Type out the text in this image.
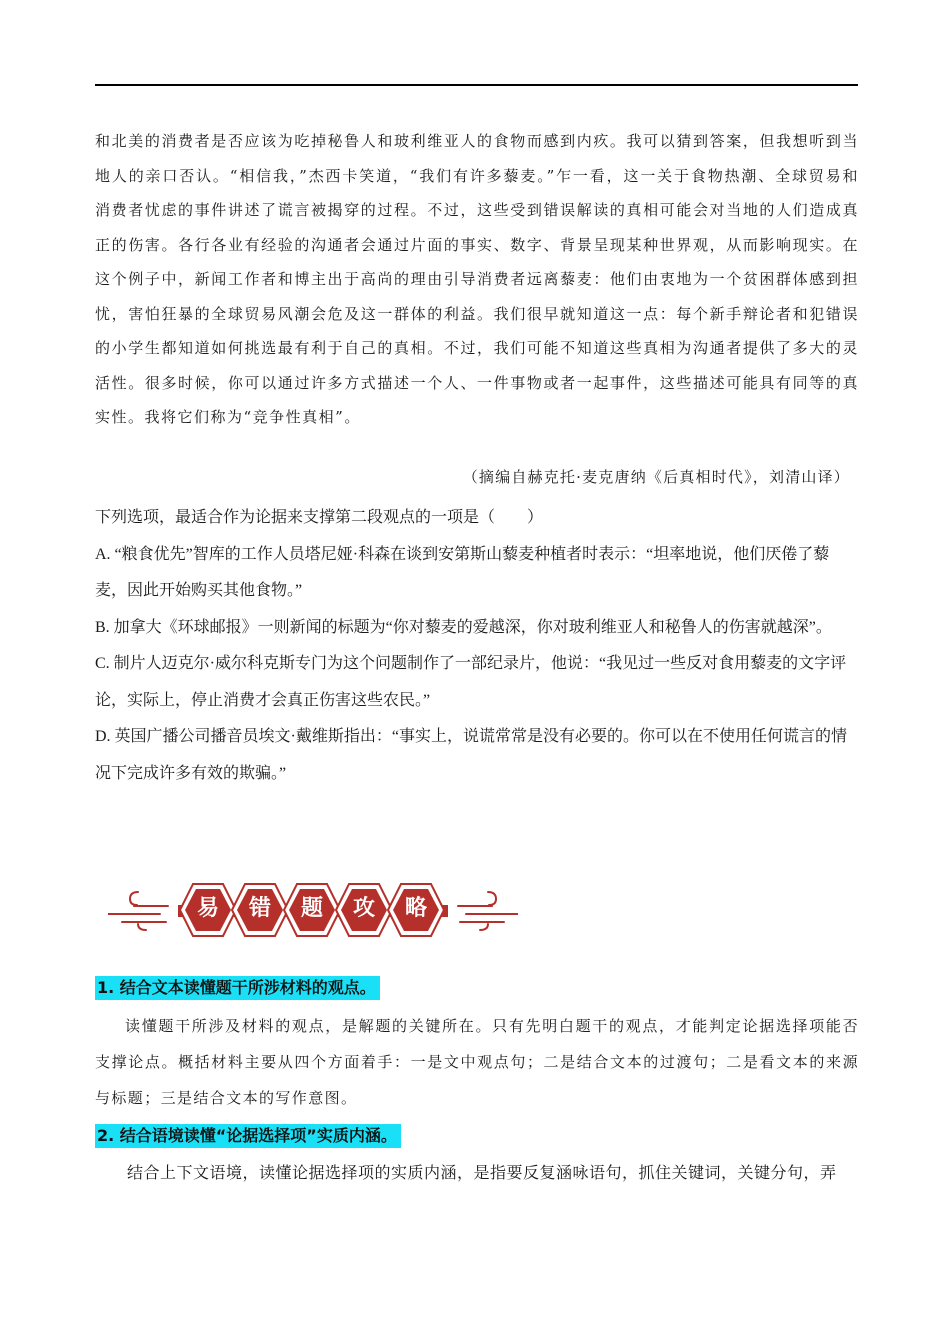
和北美的消费者是否应该为吃掉秘鲁人和玻利维亚人的食物而感到内疚。我可以猜到答案，但我想听到当地人的亲口否认。“相信我，”杰西卡笑道，“我们有许多藜麦。”乍一看，这一关于食物热潮、全球贸易和消费者忧虑的事件讲述了谎言被揭穿的过程。不过，这些受到错误解读的真相可能会对当地的人们造成真正的伤害。各行各业有经验的沟通者会通过片面的事实、数字、背景呈现某种世界观，从而影响现实。在这个例子中，新闻工作者和博主出于高尚的理由引导消费者远离藜麦：他们由衷地为一个贫困群体感到担忧，害怕狂暴的全球贸易风潮会危及这一群体的利益。我们很早就知道这一点：每个新手辩论者和犯错误的小学生都知道如何挑选最有利于自己的真相。不过，我们可能不知道这些真相为沟通者提供了多大的灵活性。很多时候，你可以通过许多方式描述一个人、一件事物或者一起事件，这些描述可能具有同等的真实性。我将它们称为“竞争性真相”。

（摘编自赫克托·麦克唐纳《后真相时代》，刘清山译）

下列选项，最适合作为论据来支撑第二段观点的一项是（　　）

A. “粮食优先”智库的工作人员塔尼娅·科森在谈到安第斯山藜麦种植者时表示：“坦率地说，他们厌倦了藜麦，因此开始购买其他食物。”

B. 加拿大《环球邮报》一则新闻的标题为“你对藜麦的爱越深，你对玻利维亚人和秘鲁人的伤害就越深”。

C. 制片人迈克尔·威尔科克斯专门为这个问题制作了一部纪录片，他说：“我见过一些反对食用藜麦的文字评论，实际上，停止消费才会真正伤害这些农民。”

D. 英国广播公司播音员埃文·戴维斯指出：“事实上，说谎常常是没有必要的。你可以在不使用任何谎言的情况下完成许多有效的欺骗。”

易	错	题	攻	略
1. 结合文本读懂题干所涉材料的观点。

读懂题干所涉及材料的观点，是解题的关键所在。只有先明白题干的观点，才能判定论据选择项能否支撑论点。概括材料主要从四个方面着手：一是文中观点句；二是结合文本的过渡句；二是看文本的来源与标题；三是结合文本的写作意图。

2. 结合语境读懂“论据选择项”实质内涵。

结合上下文语境，读懂论据选择项的实质内涵，是指要反复涵咏语句，抓住关键词，关键分句，弄
